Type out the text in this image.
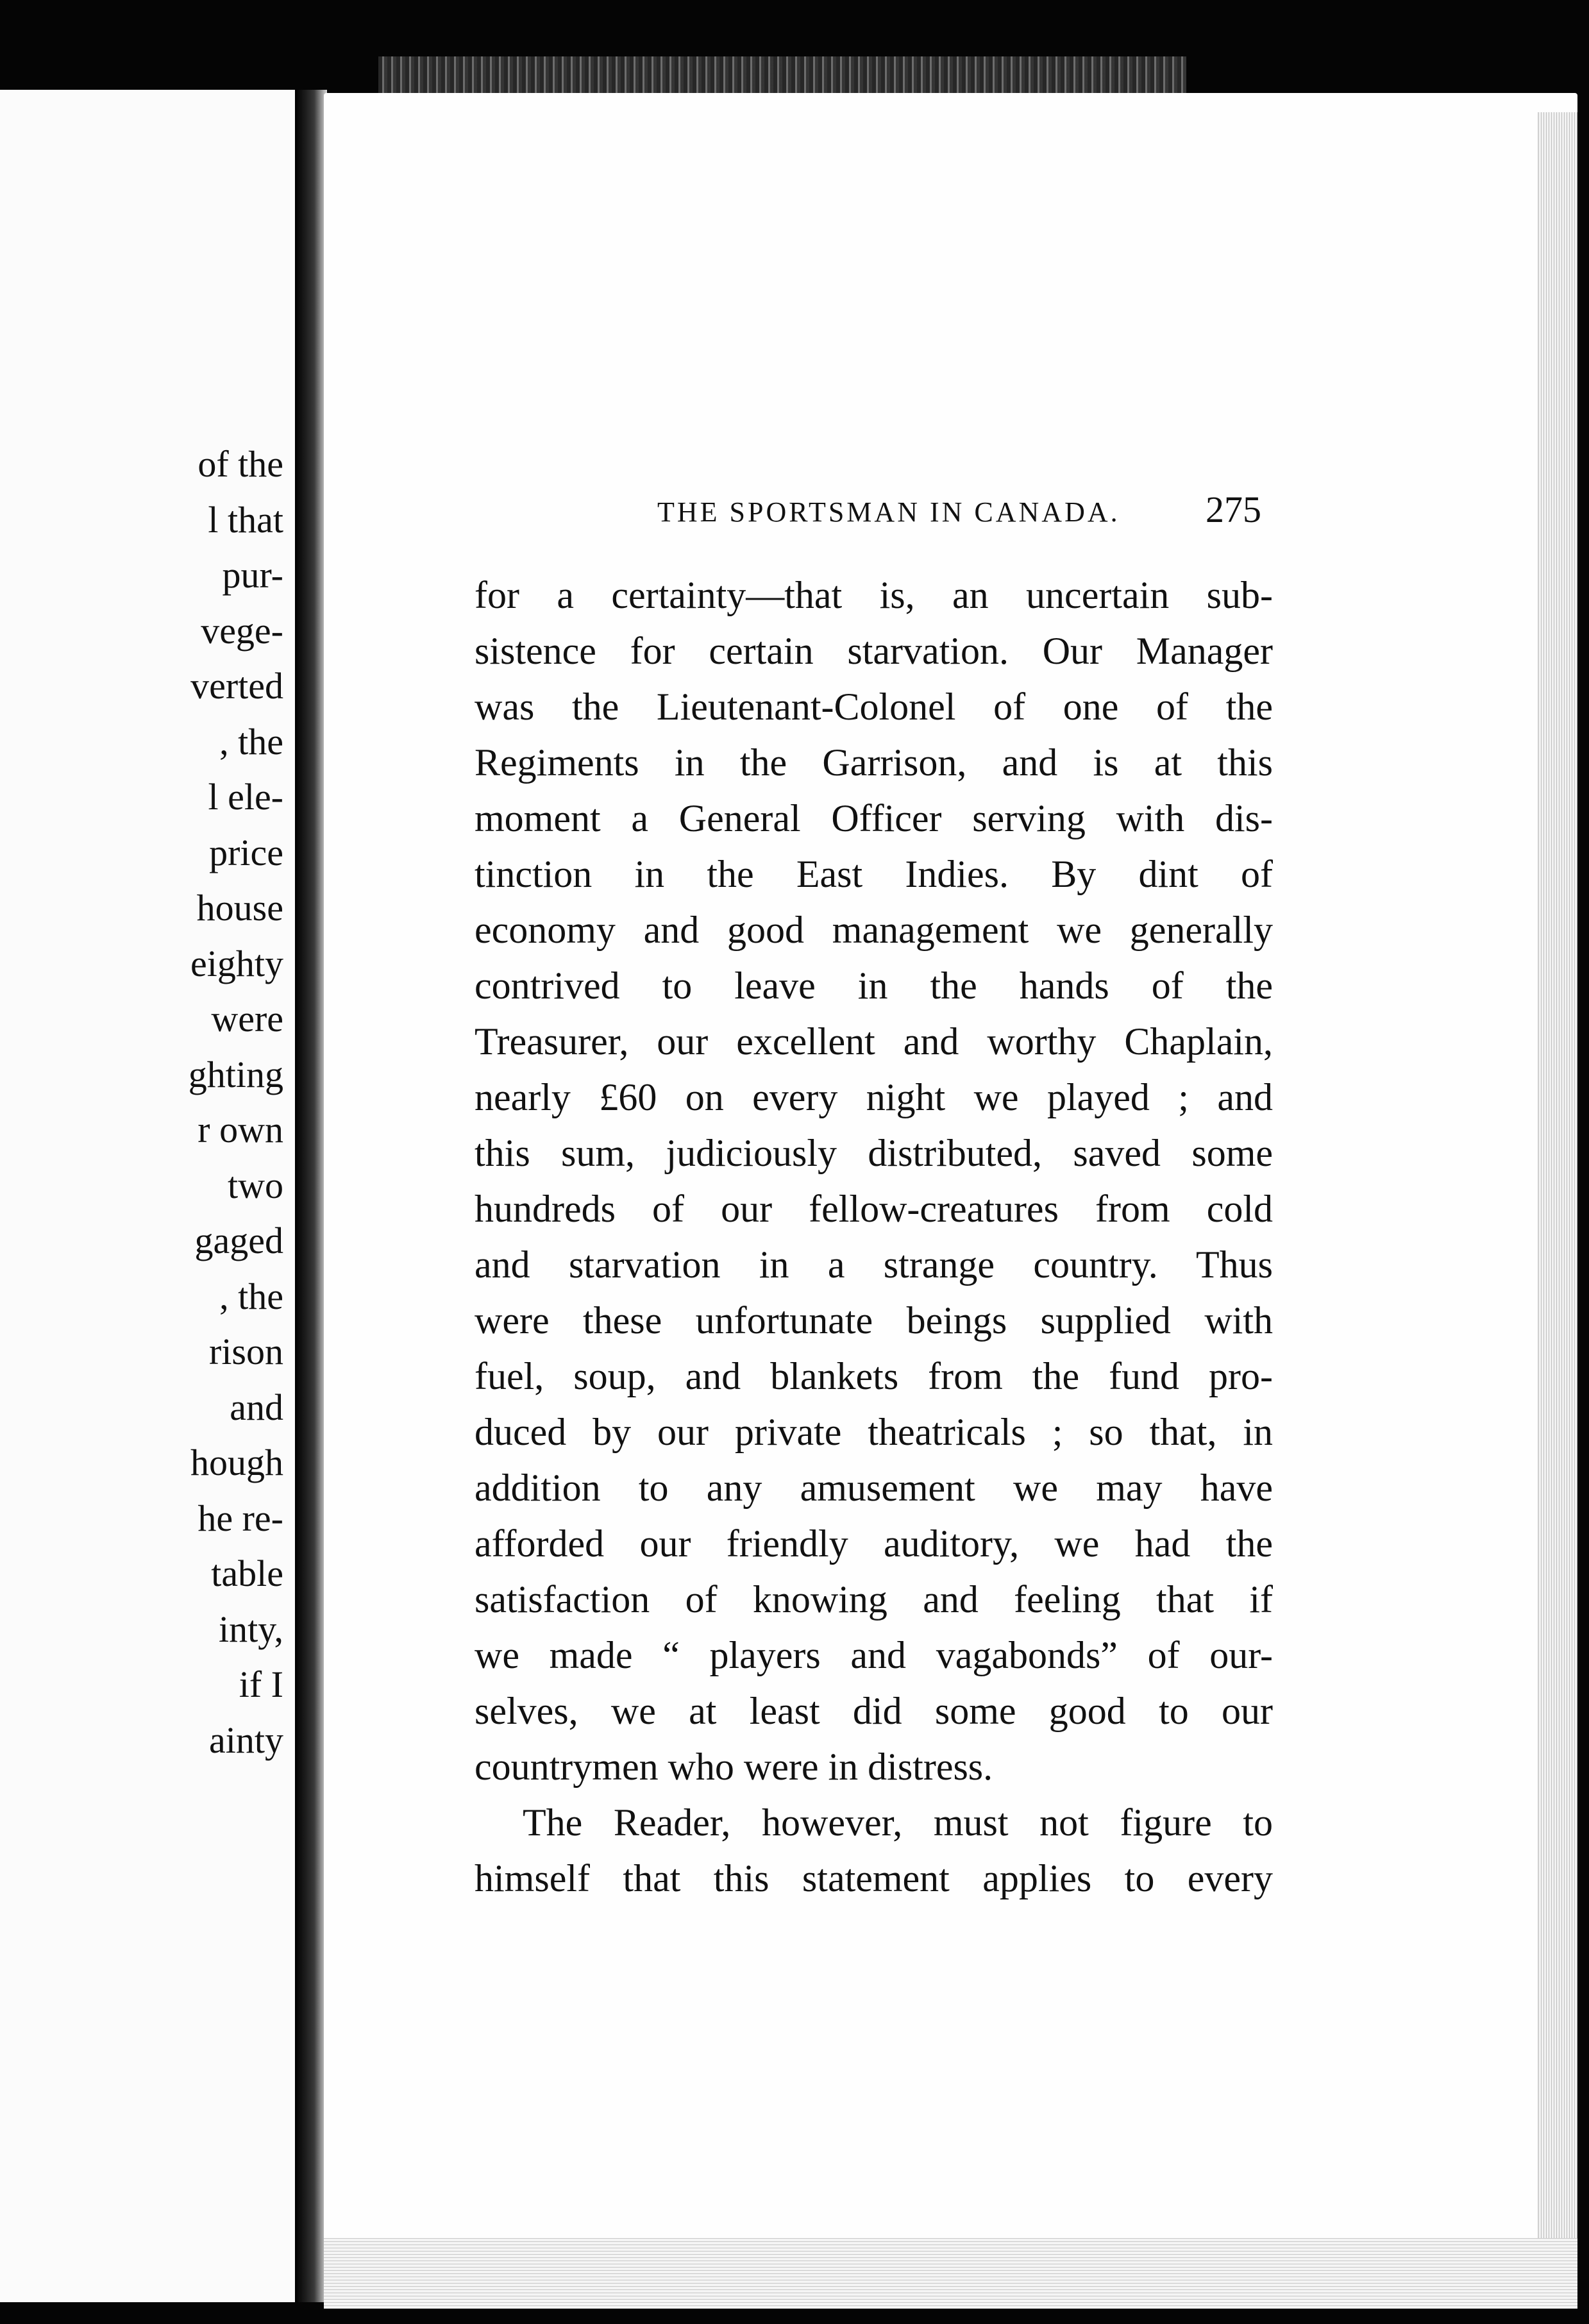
of the
l that
pur-
vege-
verted
, the
l ele-
price
house
eighty
were
ghting
r own
two
gaged
, the
rison
and
hough
he re-
table
inty,
if I
ainty
THE SPORTSMAN IN CANADA. 275
for a certainty—that is, an uncertain sub-
sistence for certain starvation. Our Manager
was the Lieutenant-Colonel of one of the
Regiments in the Garrison, and is at this
moment a General Officer serving with dis-
tinction in the East Indies. By dint of
economy and good management we generally
contrived to leave in the hands of the
Treasurer, our excellent and worthy Chaplain,
nearly £60 on every night we played ; and
this sum, judiciously distributed, saved some
hundreds of our fellow-creatures from cold
and starvation in a strange country. Thus
were these unfortunate beings supplied with
fuel, soup, and blankets from the fund pro-
duced by our private theatricals ; so that, in
addition to any amusement we may have
afforded our friendly auditory, we had the
satisfaction of knowing and feeling that if
we made “ players and vagabonds” of our-
selves, we at least did some good to our
countrymen who were in distress.
The Reader, however, must not figure to
himself that this statement applies to every
